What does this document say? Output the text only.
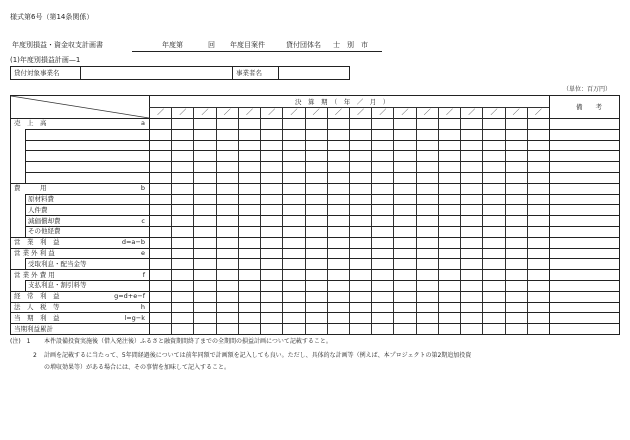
様式第6号（第14条関係）
年度別損益・資金収支計画書	年度第	回 年度目案件	貸付団体名 士　別　市
(1)年度別損益計画—1
貸付対象事業名	事業者名
（単位：百万円）
決　算　期　（　年　／　月　）
備　　考
／ ／ ／ ／ ／ ／ ／ ／ ／ ／ ／ ／ ／ ／ ／ ／ ／ ／
売　上　高	a
費　　　用	b
原材料費
人件費
減価償却費	c
その他経費
営　業　利　益	d=a−b
営 業 外 利 益	e
受取利息・配当金等
営 業 外 費 用	f
支払利息・割引料等
経　常　利　益	g=d+e−f
法　人　税　等	h
当　期　利　益	l=g−k
当期利益累計
(注)　1 本件設備投資実施後（借入発注後）ふるさと融資期間終了までの全期間の損益計画について記載すること。
2 計画を記載するに当たって、5年間経過後については前年同額で計画額を記入しても良い。ただし、具体的な計画等（例えば、本プロジェクトの第2期追加投資
の増収効果等）がある場合には、その事情を加味して記入すること。
